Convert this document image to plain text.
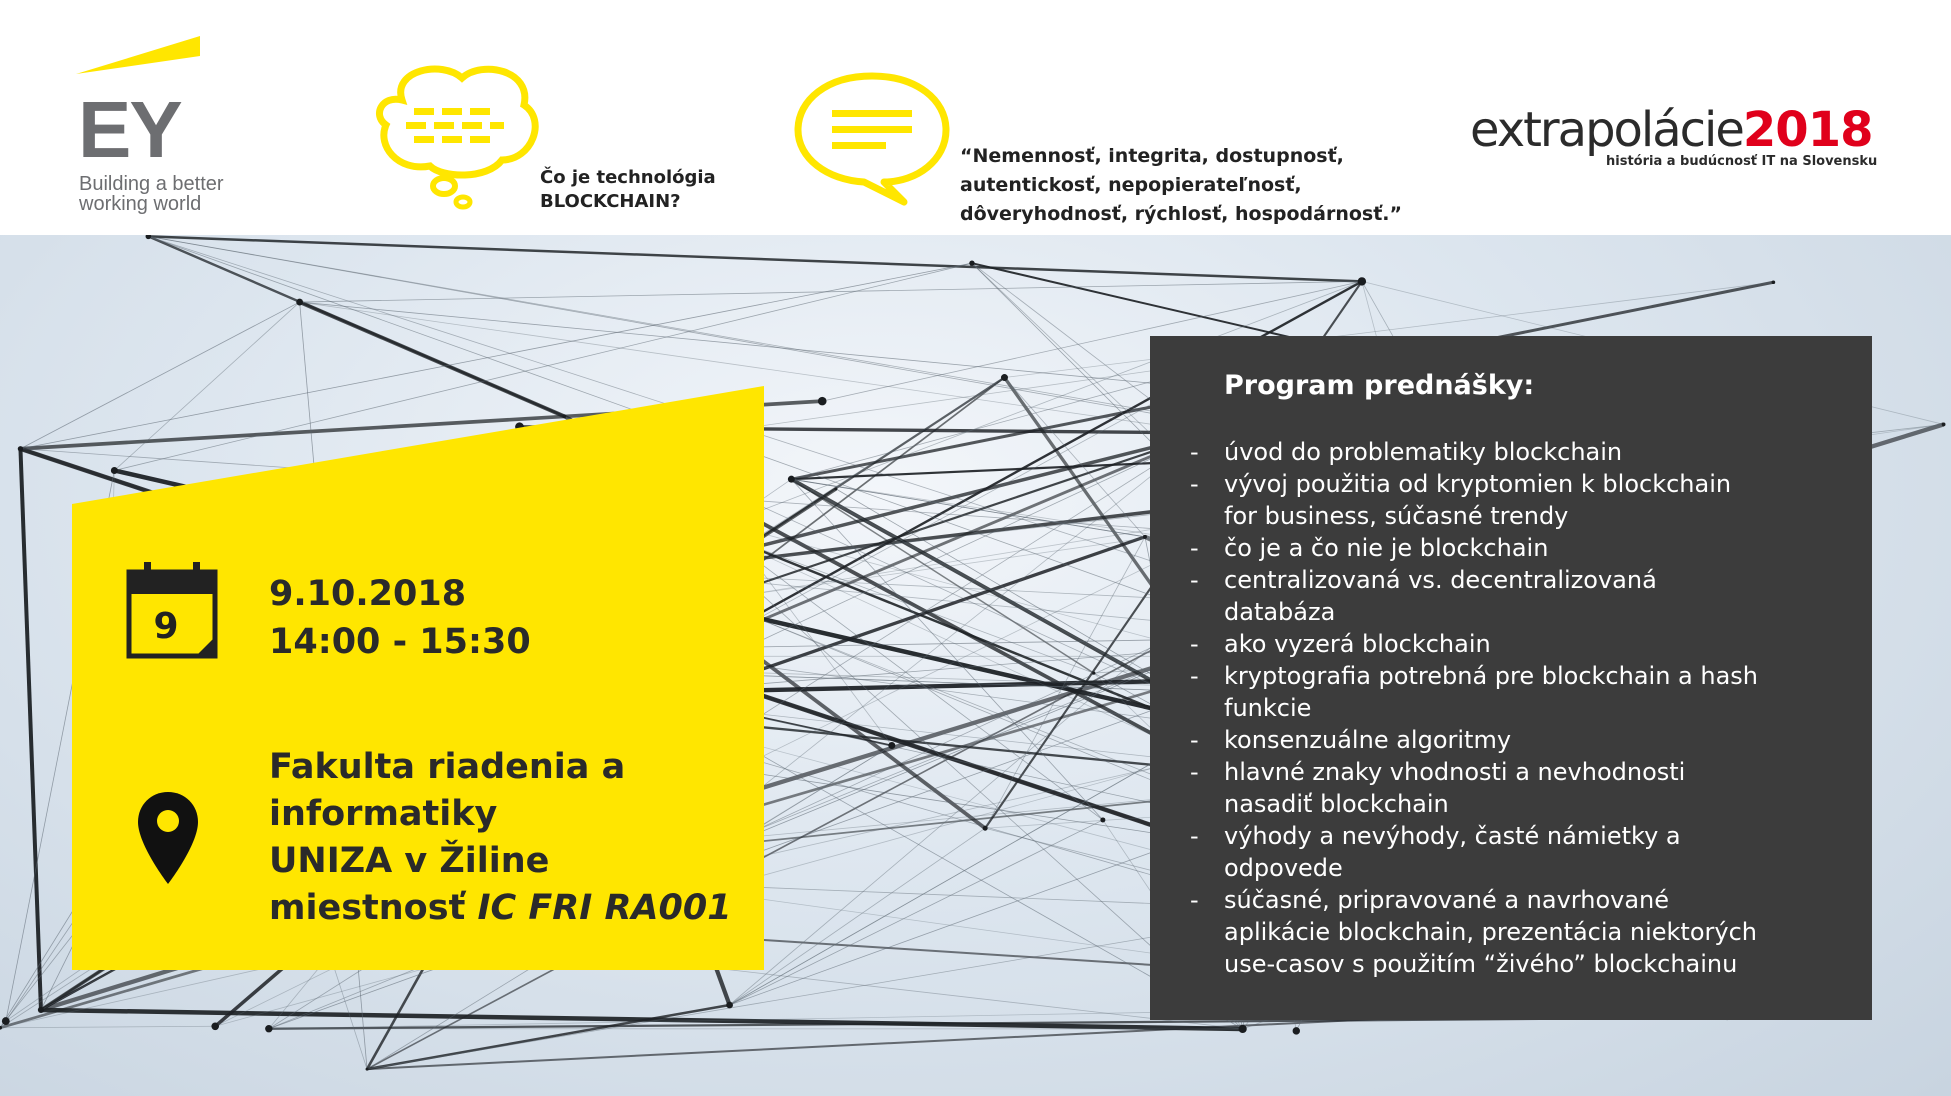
EY
Building a better
working world
Čo je technológia
BLOCKCHAIN?
“Nemennosť, integrita, dostupnosť,
autentickosť, nepopierateľnosť,
dôveryhodnosť, rýchlosť, hospodárnosť.”
extrapolácie2018
história a budúcnosť IT na Slovensku
9
9.10.2018
14:00 - 15:30
Fakulta riadenia a
informatiky
UNIZA v Žiline
miestnosť IC FRI RA001
Program prednášky:
- úvod do problematiky blockchain
- vývoj použitia od kryptomien k blockchain
for business, súčasné trendy
- čo je a čo nie je blockchain
- centralizovaná vs. decentralizovaná
databáza
- ako vyzerá blockchain
- kryptografia potrebná pre blockchain a hash
funkcie
- konsenzuálne algoritmy
- hlavné znaky vhodnosti a nevhodnosti
nasadiť blockchain
- výhody a nevýhody, časté námietky a
odpovede
- súčasné, pripravované a navrhované
aplikácie blockchain, prezentácia niektorých
use-casov s použitím “živého” blockchainu
